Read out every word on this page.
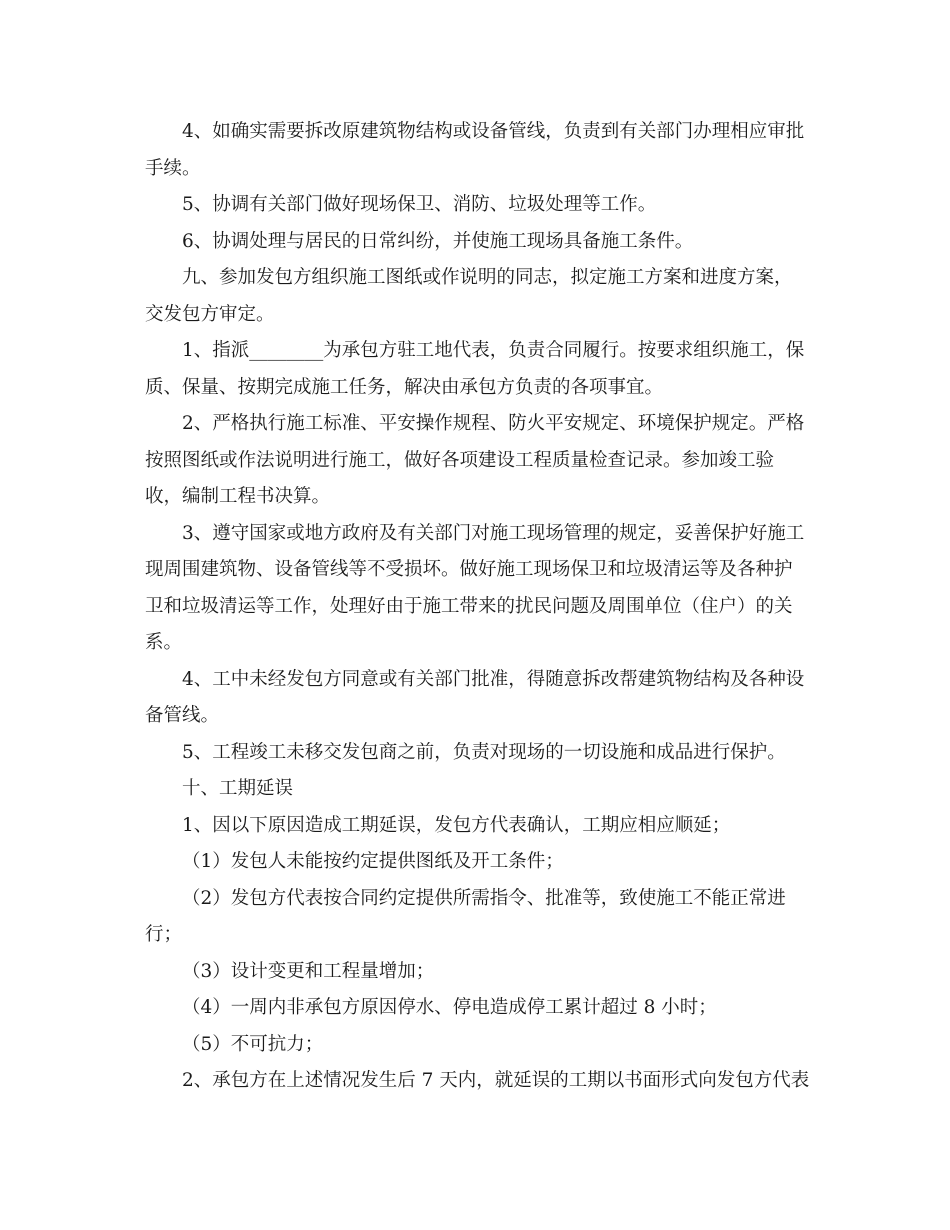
4、如确实需要拆改原建筑物结构或设备管线，负责到有关部门办理相应审批

手续。

5、协调有关部门做好现场保卫、消防、垃圾处理等工作。

6、协调处理与居民的日常纠纷，并使施工现场具备施工条件。

九、参加发包方组织施工图纸或作说明的同志，拟定施工方案和进度方案，

交发包方审定。

1、指派________为承包方驻工地代表，负责合同履行。按要求组织施工，保

质、保量、按期完成施工任务，解决由承包方负责的各项事宜。

2、严格执行施工标准、平安操作规程、防火平安规定、环境保护规定。严格

按照图纸或作法说明进行施工，做好各项建设工程质量检查记录。参加竣工验

收，编制工程书决算。

3、遵守国家或地方政府及有关部门对施工现场管理的规定，妥善保护好施工

现周围建筑物、设备管线等不受损坏。做好施工现场保卫和垃圾清运等及各种护

卫和垃圾清运等工作，处理好由于施工带来的扰民问题及周围单位（住户）的关

系。

4、工中未经发包方同意或有关部门批准，得随意拆改帮建筑物结构及各种设

备管线。

5、工程竣工未移交发包商之前，负责对现场的一切设施和成品进行保护。

十、工期延误

1、因以下原因造成工期延误，发包方代表确认，工期应相应顺延；

（1）发包人未能按约定提供图纸及开工条件；

（2）发包方代表按合同约定提供所需指令、批准等，致使施工不能正常进

行；

（3）设计变更和工程量增加；

（4）一周内非承包方原因停水、停电造成停工累计超过 8 小时；

（5）不可抗力；

2、承包方在上述情况发生后 7 天内，就延误的工期以书面形式向发包方代表
